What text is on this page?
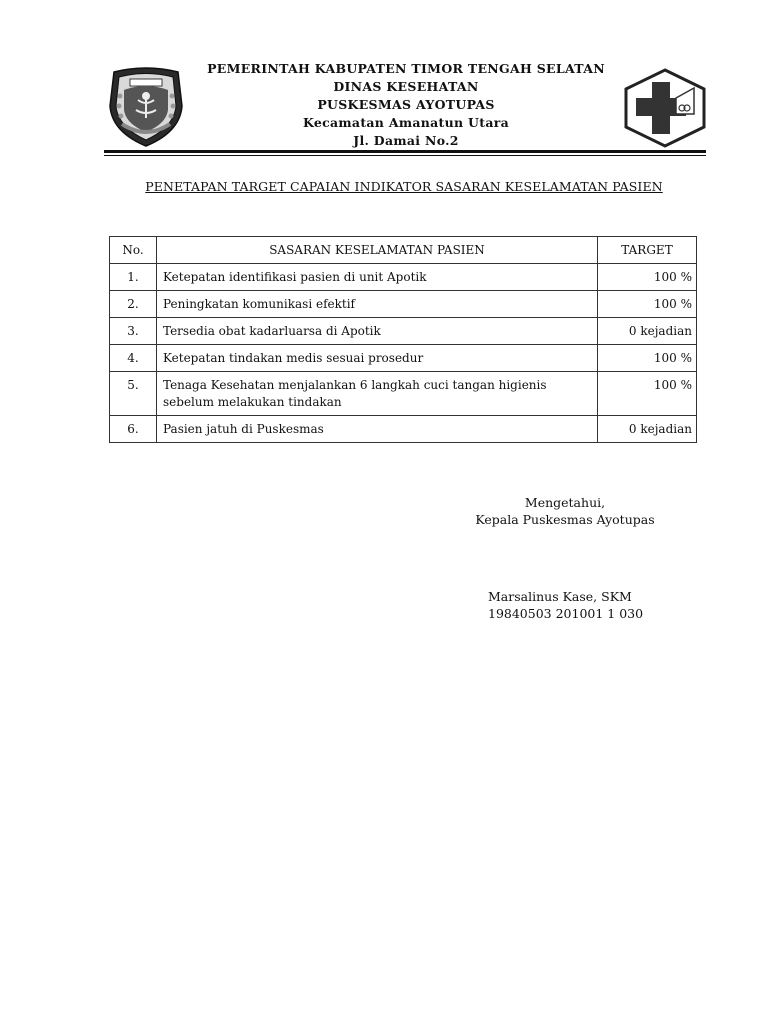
PEMERINTAH KABUPATEN TIMOR TENGAH SELATAN
DINAS KESEHATAN
PUSKESMAS AYOTUPAS
Kecamatan Amanatun Utara
Jl. Damai No.2
PENETAPAN TARGET CAPAIAN INDIKATOR SASARAN KESELAMATAN PASIEN
No.	SASARAN KESELAMATAN PASIEN	TARGET
1.	Ketepatan identifikasi pasien di unit Apotik	100 %
2.	Peningkatan komunikasi efektif	100 %
3.	Tersedia obat kadarluarsa di Apotik	0 kejadian
4.	Ketepatan tindakan medis sesuai prosedur	100 %
5.	Tenaga Kesehatan menjalankan 6 langkah cuci tangan higienis sebelum melakukan tindakan	100 %
6.	Pasien jatuh di Puskesmas	0 kejadian
Mengetahui,
Kepala Puskesmas Ayotupas
Marsalinus Kase, SKM
19840503 201001 1 030
